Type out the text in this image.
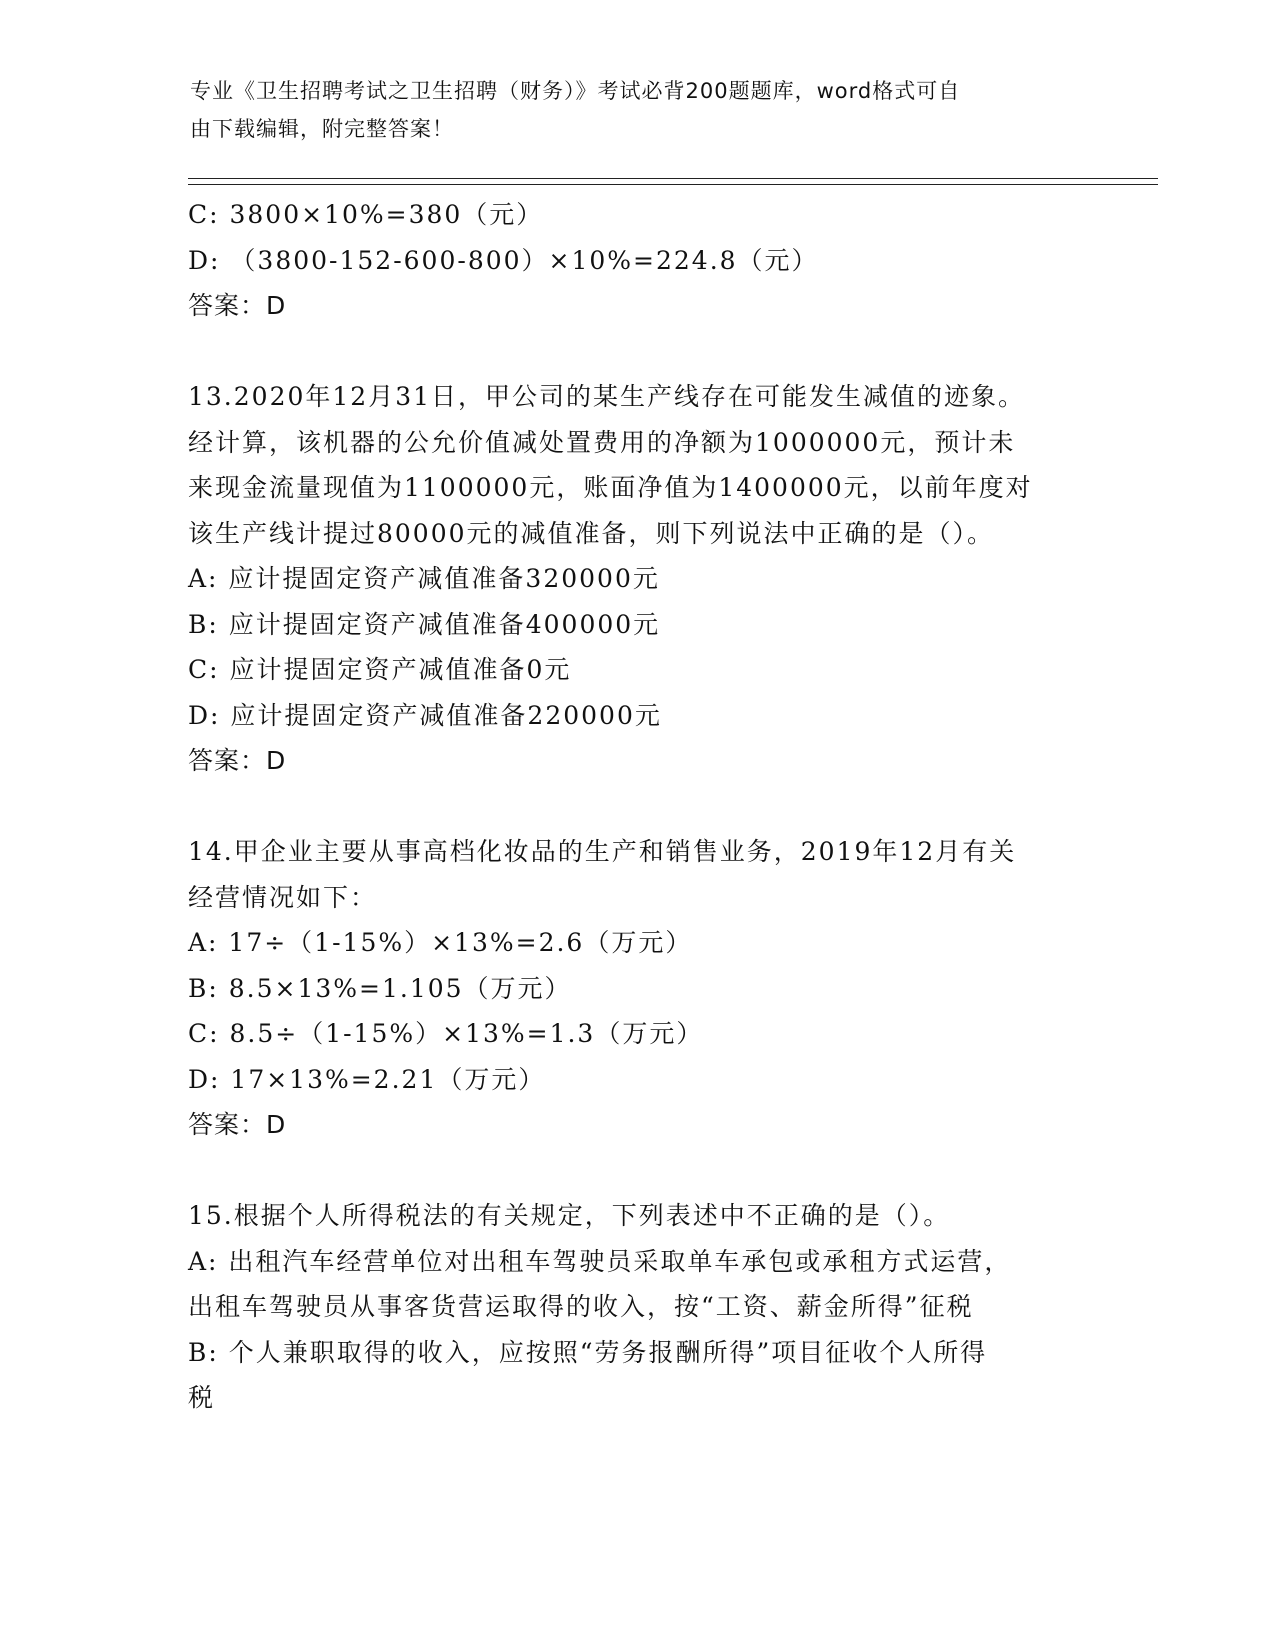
专业《卫生招聘考试之卫生招聘（财务）》考试必背200题题库，word格式可自
由下载编辑，附完整答案！
C: 3800×10%=380（元）
D: （3800-152-600-800）×10%=224.8（元）
答案：D
13.2020年12月31日，甲公司的某生产线存在可能发生减值的迹象。
经计算，该机器的公允价值减处置费用的净额为1000000元，预计未
来现金流量现值为1100000元，账面净值为1400000元，以前年度对
该生产线计提过80000元的减值准备，则下列说法中正确的是（）。
A: 应计提固定资产减值准备320000元
B: 应计提固定资产减值准备400000元
C: 应计提固定资产减值准备0元
D: 应计提固定资产减值准备220000元
答案：D
14.甲企业主要从事高档化妆品的生产和销售业务，2019年12月有关
经营情况如下：
A: 17÷（1-15%）×13%=2.6（万元）
B: 8.5×13%=1.105（万元）
C: 8.5÷（1-15%）×13%=1.3（万元）
D: 17×13%=2.21（万元）
答案：D
15.根据个人所得税法的有关规定，下列表述中不正确的是（）。
A: 出租汽车经营单位对出租车驾驶员采取单车承包或承租方式运营，
出租车驾驶员从事客货营运取得的收入，按“工资、薪金所得”征税
B: 个人兼职取得的收入，应按照“劳务报酬所得”项目征收个人所得
税
